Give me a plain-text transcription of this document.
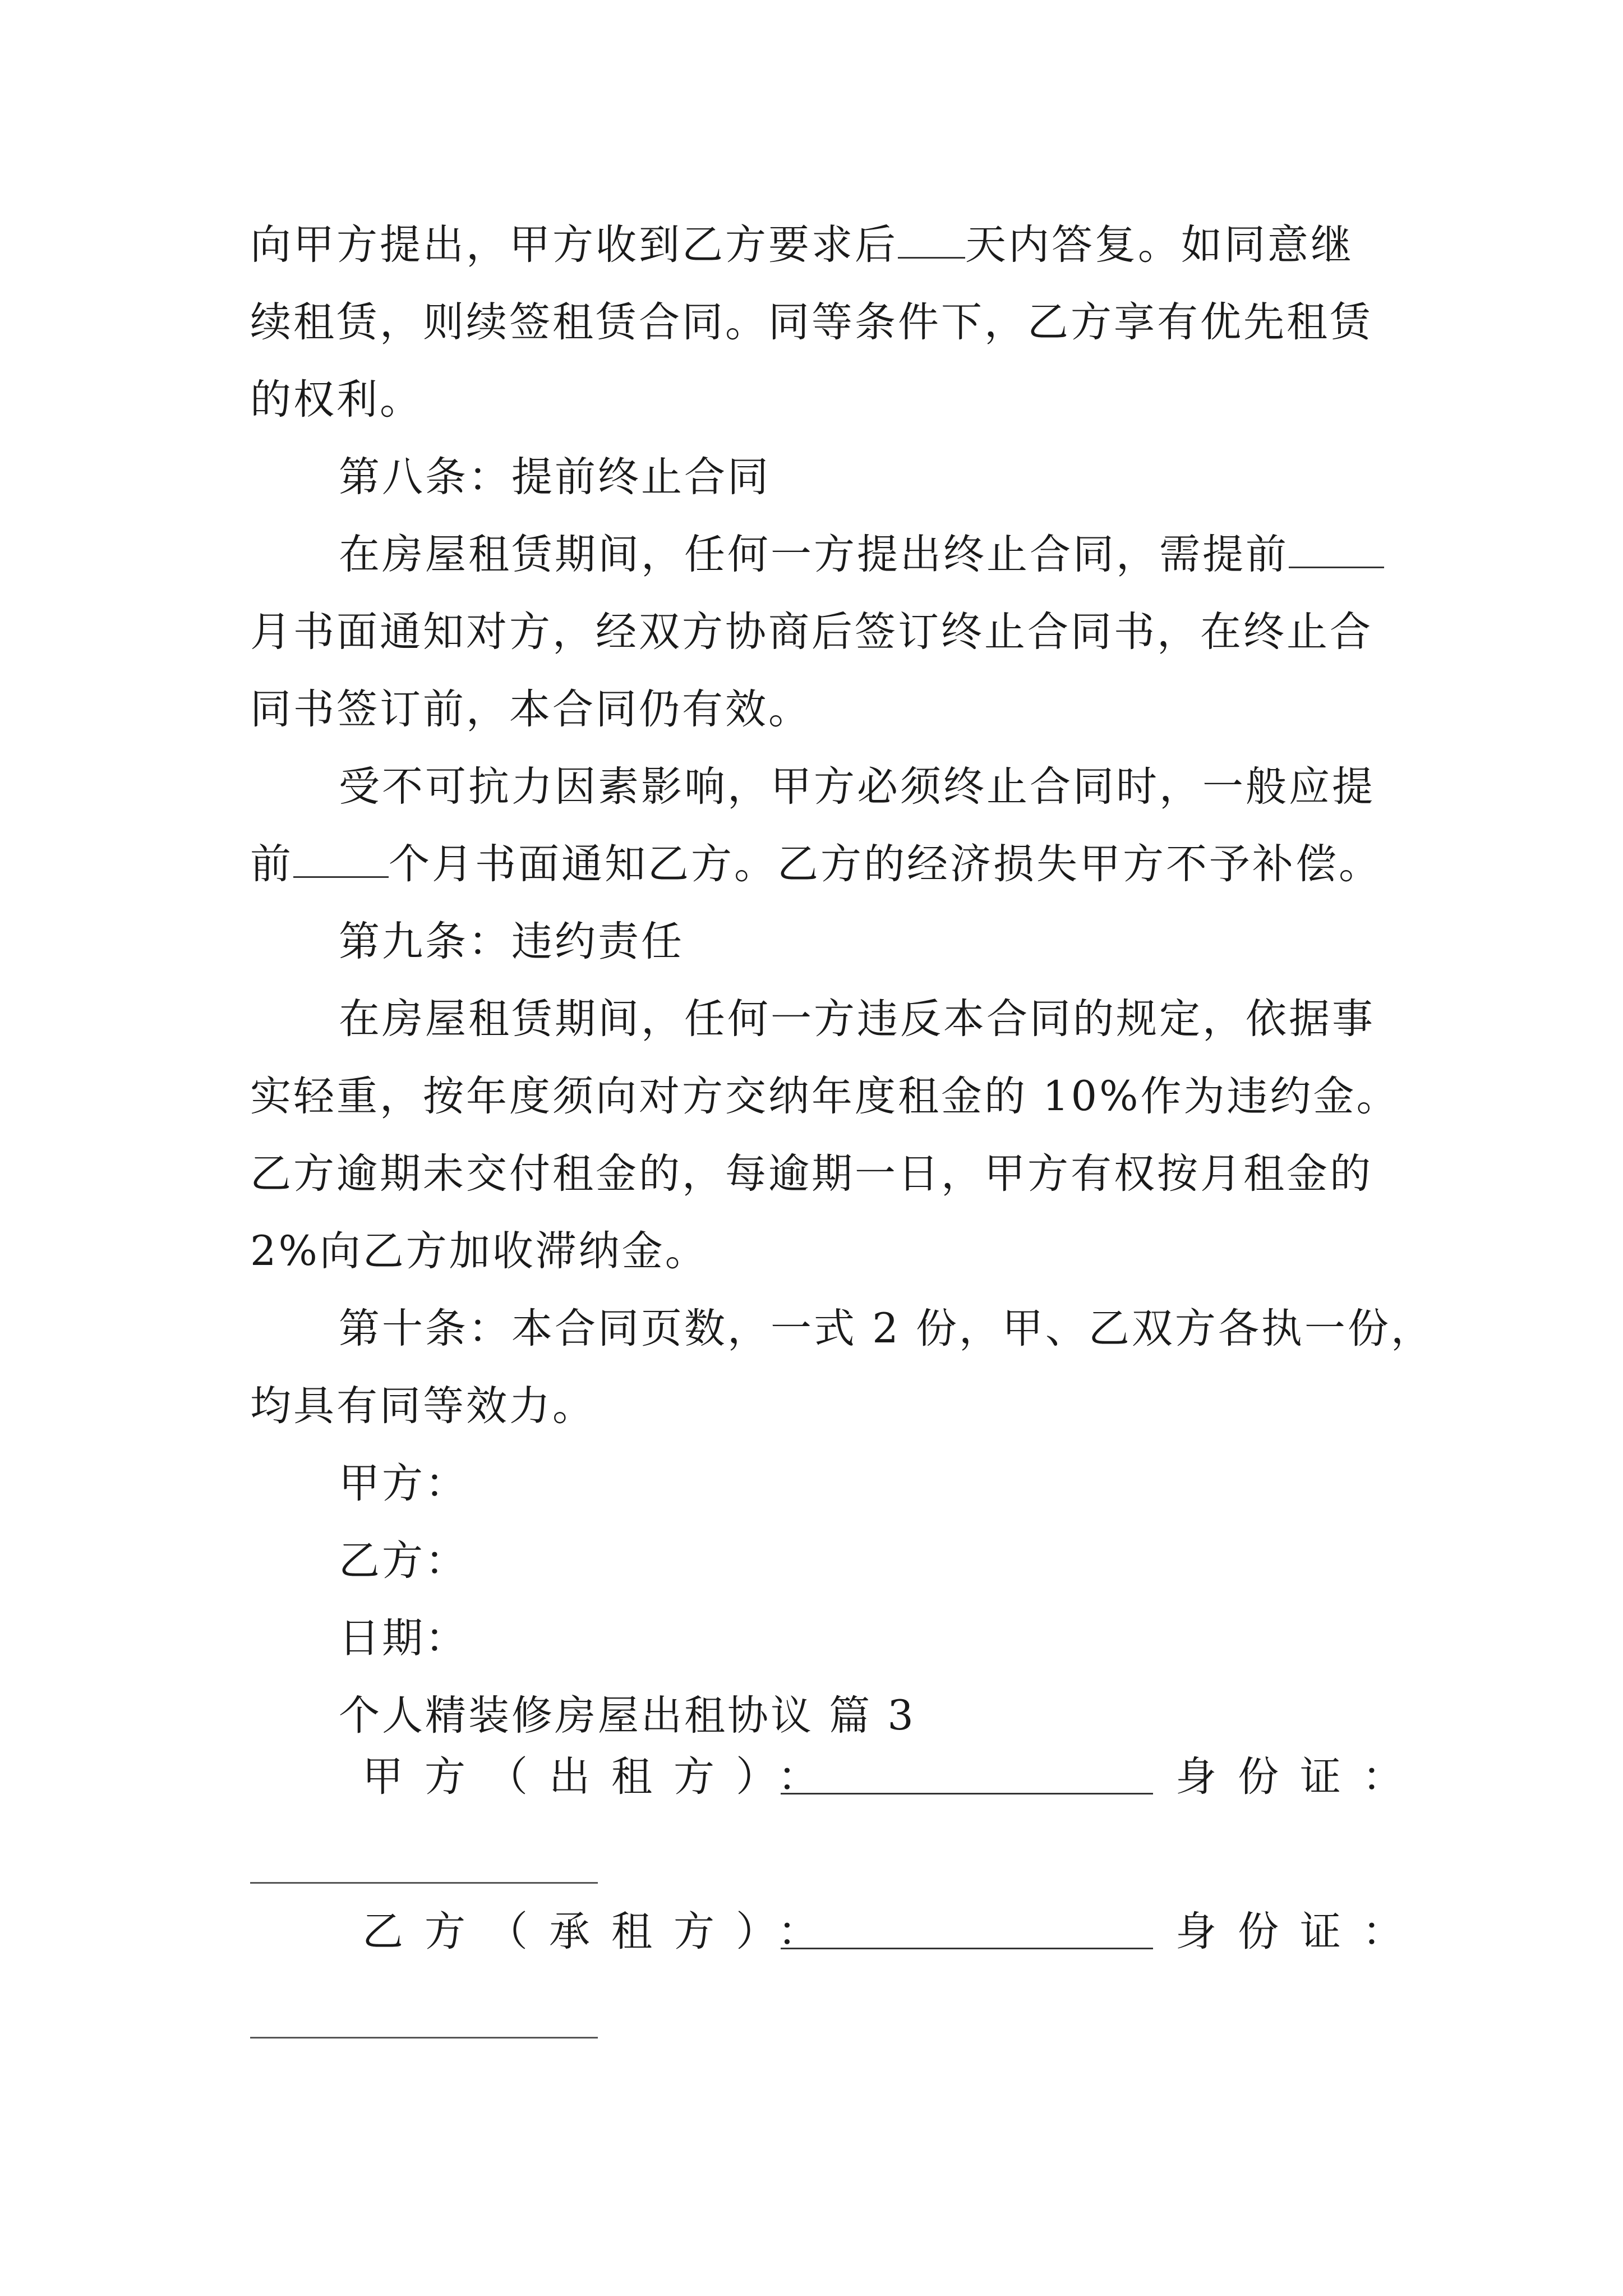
向甲方提出，甲方收到乙方要求后 天内答复。如同意继
续租赁，则续签租赁合同。同等条件下，乙方享有优先租赁
的权利。
第八条：提前终止合同
在房屋租赁期间，任何一方提出终止合同，需提前
月书面通知对方，经双方协商后签订终止合同书，在终止合
同书签订前，本合同仍有效。
受不可抗力因素影响，甲方必须终止合同时，一般应提
前 个月书面通知乙方。乙方的经济损失甲方不予补偿。
第九条：违约责任
在房屋租赁期间，任何一方违反本合同的规定，依据事
实轻重，按年度须向对方交纳年度租金的 10%作为违约金。
乙方逾期未交付租金的，每逾期一日，甲方有权按月租金的
2%向乙方加收滞纳金。
第十条：本合同页数，一式 2 份，甲、乙双方各执一份，
均具有同等效力。
甲方：
乙方：
日期：
个人精装修房屋出租协议 篇 3
甲方（出租方）：	身份证：
乙方（承租方）：	身份证：
